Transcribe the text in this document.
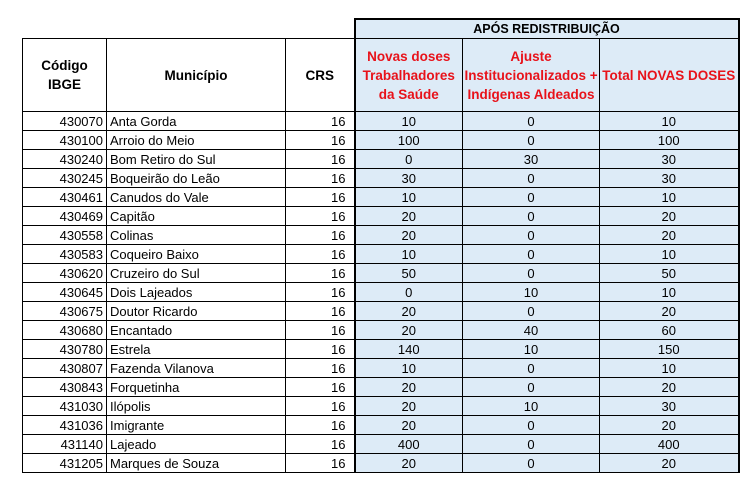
			APÓS REDISTRIBUIÇÃO		
Código IBGE	Município	CRS	Novas doses Trabalhadores da Saúde	Ajuste Institucionalizados + Indígenas Aldeados	Total NOVAS DOSES
430070	Anta Gorda	16	10	0	10
430100	Arroio do Meio	16	100	0	100
430240	Bom Retiro do Sul	16	0	30	30
430245	Boqueirão do Leão	16	30	0	30
430461	Canudos do Vale	16	10	0	10
430469	Capitão	16	20	0	20
430558	Colinas	16	20	0	20
430583	Coqueiro Baixo	16	10	0	10
430620	Cruzeiro do Sul	16	50	0	50
430645	Dois Lajeados	16	0	10	10
430675	Doutor Ricardo	16	20	0	20
430680	Encantado	16	20	40	60
430780	Estrela	16	140	10	150
430807	Fazenda Vilanova	16	10	0	10
430843	Forquetinha	16	20	0	20
431030	Ilópolis	16	20	10	30
431036	Imigrante	16	20	0	20
431140	Lajeado	16	400	0	400
431205	Marques de Souza	16	20	0	20
